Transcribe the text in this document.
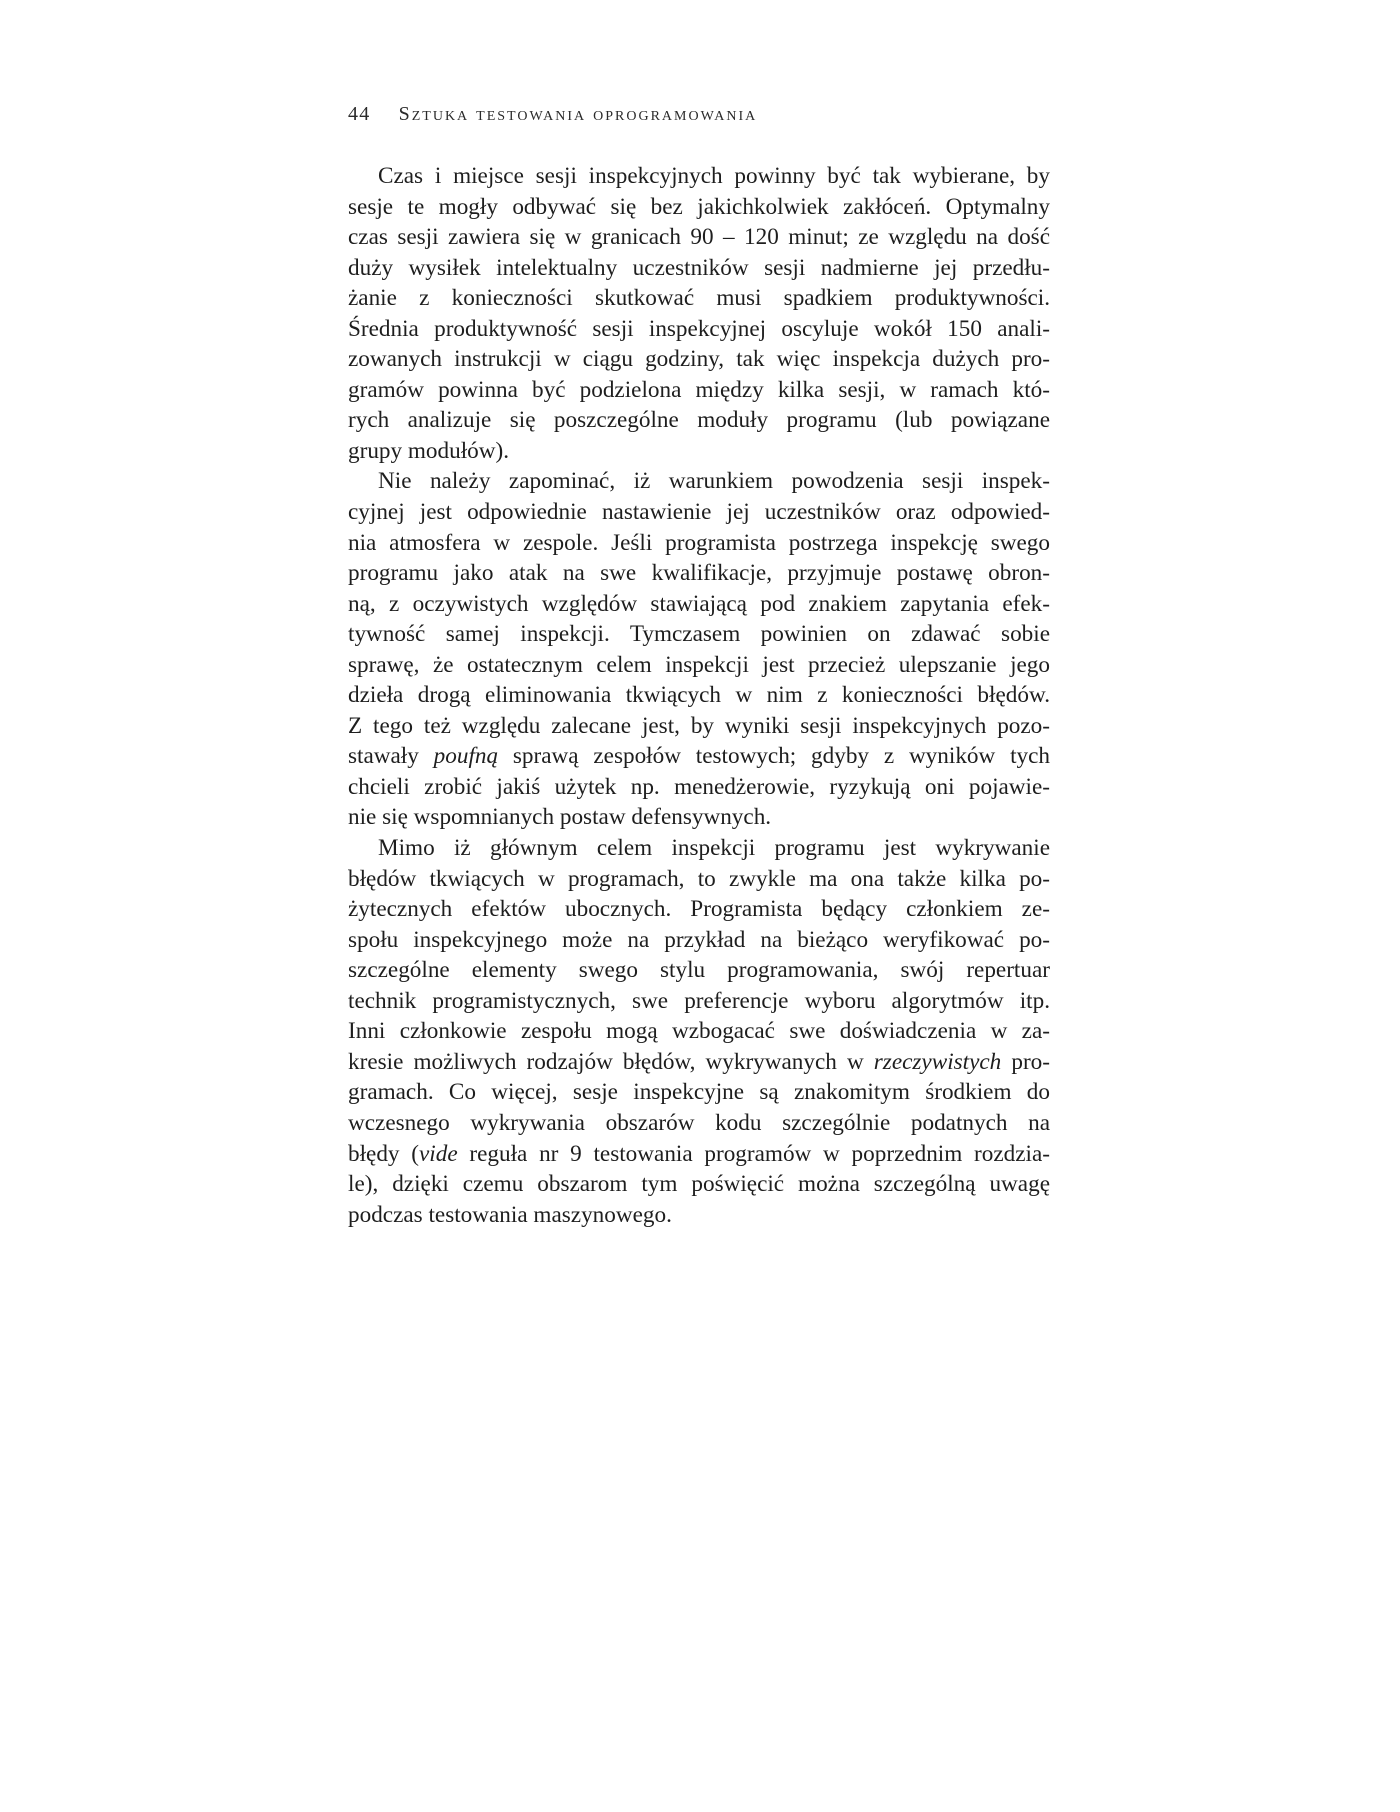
44 Sztuka testowania oprogramowania
Czas i miejsce sesji inspekcyjnych powinny być tak wybierane, by
sesje te mogły odbywać się bez jakichkolwiek zakłóceń. Optymalny
czas sesji zawiera się w granicach 90 – 120 minut; ze względu na dość
duży wysiłek intelektualny uczestników sesji nadmierne jej przedłu-
żanie z konieczności skutkować musi spadkiem produktywności.
Średnia produktywność sesji inspekcyjnej oscyluje wokół 150 anali-
zowanych instrukcji w ciągu godziny, tak więc inspekcja dużych pro-
gramów powinna być podzielona między kilka sesji, w ramach któ-
rych analizuje się poszczególne moduły programu (lub powiązane
grupy modułów).
Nie należy zapominać, iż warunkiem powodzenia sesji inspek-
cyjnej jest odpowiednie nastawienie jej uczestników oraz odpowied-
nia atmosfera w zespole. Jeśli programista postrzega inspekcję swego
programu jako atak na swe kwalifikacje, przyjmuje postawę obron-
ną, z oczywistych względów stawiającą pod znakiem zapytania efek-
tywność samej inspekcji. Tymczasem powinien on zdawać sobie
sprawę, że ostatecznym celem inspekcji jest przecież ulepszanie jego
dzieła drogą eliminowania tkwiących w nim z konieczności błędów.
Z tego też względu zalecane jest, by wyniki sesji inspekcyjnych pozo-
stawały poufną sprawą zespołów testowych; gdyby z wyników tych
chcieli zrobić jakiś użytek np. menedżerowie, ryzykują oni pojawie-
nie się wspomnianych postaw defensywnych.
Mimo iż głównym celem inspekcji programu jest wykrywanie
błędów tkwiących w programach, to zwykle ma ona także kilka po-
żytecznych efektów ubocznych. Programista będący członkiem ze-
społu inspekcyjnego może na przykład na bieżąco weryfikować po-
szczególne elementy swego stylu programowania, swój repertuar
technik programistycznych, swe preferencje wyboru algorytmów itp.
Inni członkowie zespołu mogą wzbogacać swe doświadczenia w za-
kresie możliwych rodzajów błędów, wykrywanych w rzeczywistych pro-
gramach. Co więcej, sesje inspekcyjne są znakomitym środkiem do
wczesnego wykrywania obszarów kodu szczególnie podatnych na
błędy (vide reguła nr 9 testowania programów w poprzednim rozdzia-
le), dzięki czemu obszarom tym poświęcić można szczególną uwagę
podczas testowania maszynowego.
